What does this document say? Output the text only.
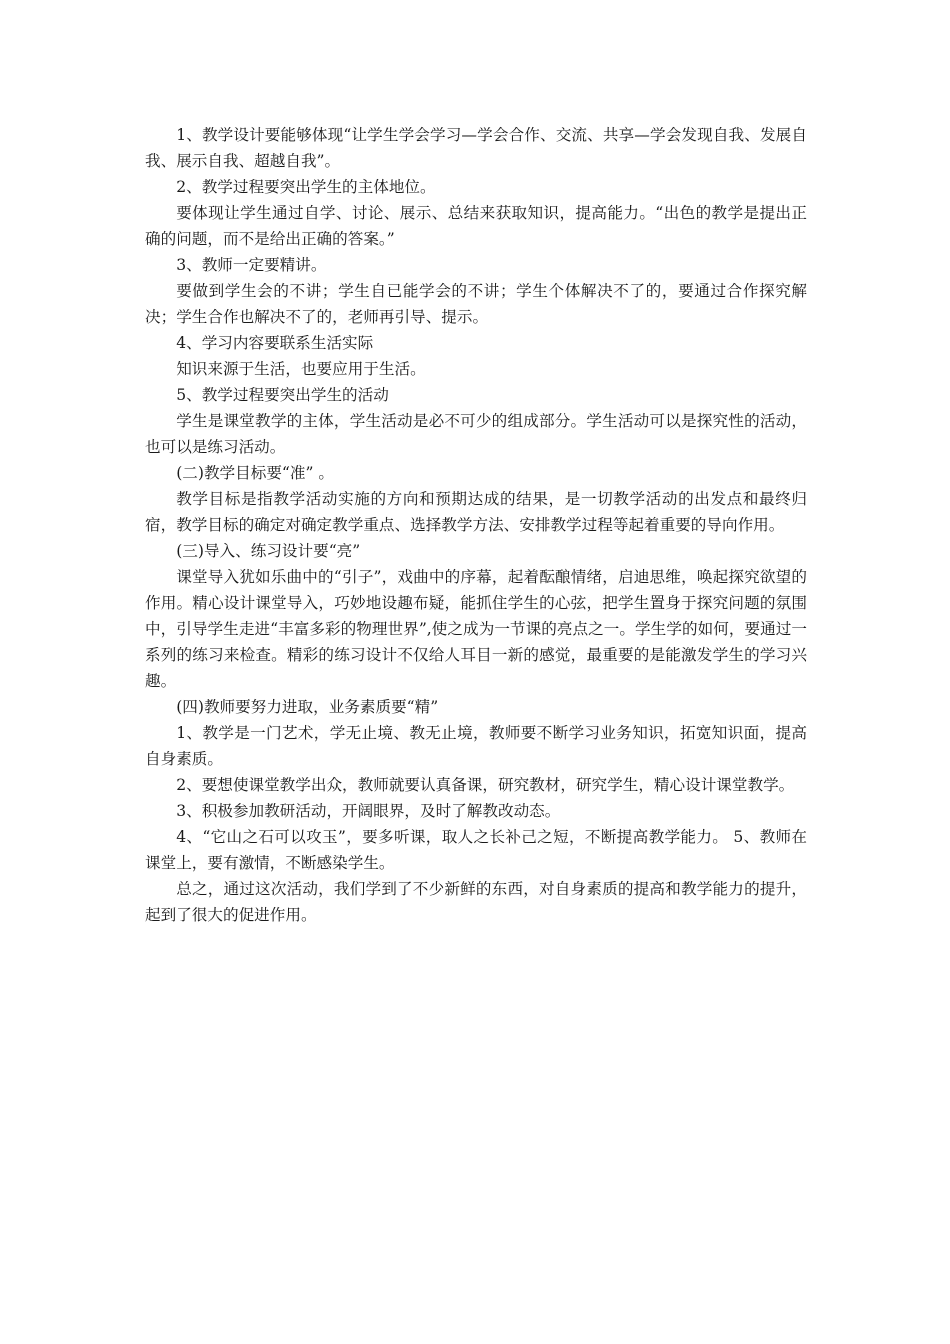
1、教学设计要能够体现“让学生学会学习—学会合作、交流、共享—学会发现自我、发展自我、展示自我、超越自我”。

2、教学过程要突出学生的主体地位。

要体现让学生通过自学、讨论、展示、总结来获取知识，提高能力。“出色的教学是提出正确的问题，而不是给出正确的答案。”

3、教师一定要精讲。

要做到学生会的不讲；学生自已能学会的不讲；学生个体解决不了的，要通过合作探究解决；学生合作也解决不了的，老师再引导、提示。

4、学习内容要联系生活实际

知识来源于生活，也要应用于生活。

5、教学过程要突出学生的活动

学生是课堂教学的主体，学生活动是必不可少的组成部分。学生活动可以是探究性的活动，也可以是练习活动。

(二)教学目标要“准” 。

教学目标是指教学活动实施的方向和预期达成的结果，是一切教学活动的出发点和最终归宿，教学目标的确定对确定教学重点、选择教学方法、安排教学过程等起着重要的导向作用。

(三)导入、练习设计要“亮”

课堂导入犹如乐曲中的“引子”，戏曲中的序幕，起着酝酿情绪，启迪思维，唤起探究欲望的作用。精心设计课堂导入，巧妙地设趣布疑，能抓住学生的心弦，把学生置身于探究问题的氛围中，引导学生走进“丰富多彩的物理世界”,使之成为一节课的亮点之一。学生学的如何，要通过一系列的练习来检查。精彩的练习设计不仅给人耳目一新的感觉，最重要的是能激发学生的学习兴趣。

(四)教师要努力进取，业务素质要“精”

1、教学是一门艺术，学无止境、教无止境，教师要不断学习业务知识，拓宽知识面，提高自身素质。

2、要想使课堂教学出众，教师就要认真备课，研究教材，研究学生，精心设计课堂教学。

3、积极参加教研活动，开阔眼界，及时了解教改动态。

4、“它山之石可以攻玉”，要多听课，取人之长补己之短，不断提高教学能力。 5、教师在课堂上，要有激情，不断感染学生。

总之，通过这次活动，我们学到了不少新鲜的东西，对自身素质的提高和教学能力的提升，起到了很大的促进作用。
